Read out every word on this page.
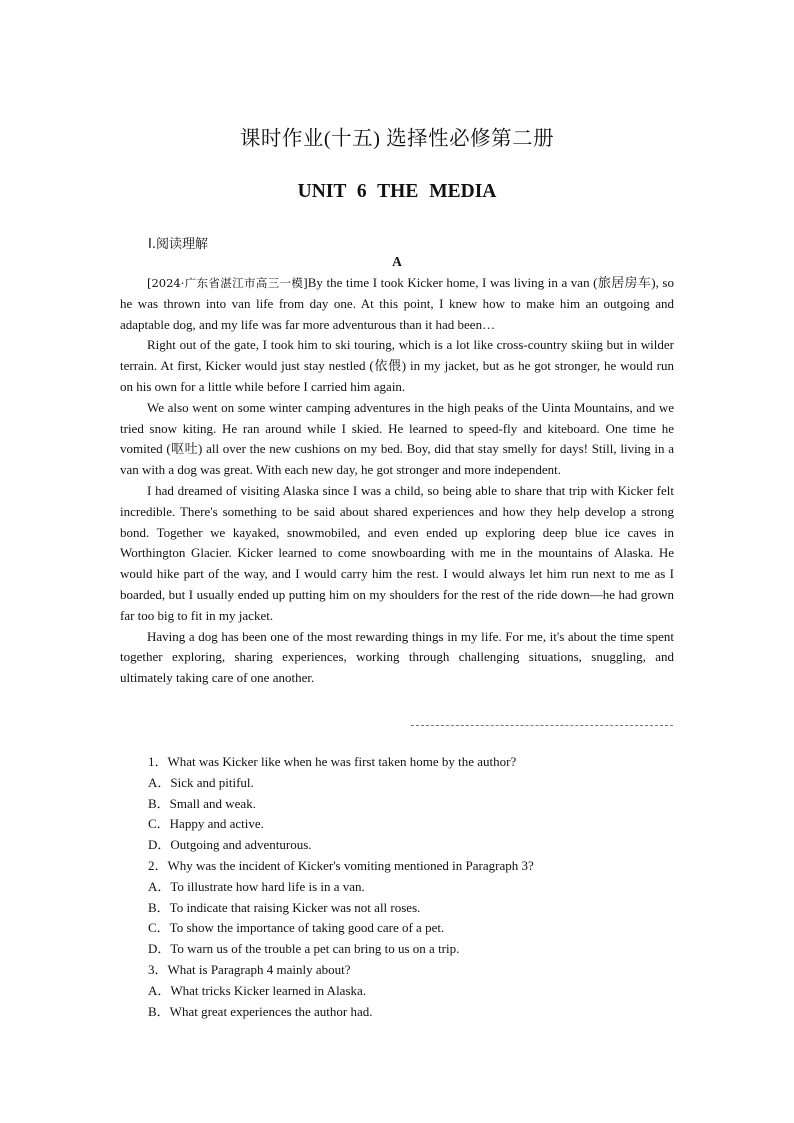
课时作业(十五) 选择性必修第二册
UNIT 6 THE MEDIA
Ⅰ.阅读理解
A

[2024·广东省湛江市高三一模]By the time I took Kicker home, I was living in a van (旅居房车), so he was thrown into van life from day one. At this point, I knew how to make him an outgoing and adaptable dog, and my life was far more adventurous than it had been…

Right out of the gate, I took him to ski touring, which is a lot like cross-country skiing but in wilder terrain. At first, Kicker would just stay nestled (依偎) in my jacket, but as he got stronger, he would run on his own for a little while before I carried him again.

We also went on some winter camping adventures in the high peaks of the Uinta Mountains, and we tried snow kiting. He ran around while I skied. He learned to speed-fly and kiteboard. One time he vomited (呕吐) all over the new cushions on my bed. Boy, did that stay smelly for days! Still, living in a van with a dog was great. With each new day, he got stronger and more independent.

I had dreamed of visiting Alaska since I was a child, so being able to share that trip with Kicker felt incredible. There's something to be said about shared experiences and how they help develop a strong bond. Together we kayaked, snowmobiled, and even ended up exploring deep blue ice caves in Worthington Glacier. Kicker learned to come snowboarding with me in the mountains of Alaska. He would hike part of the way, and I would carry him the rest. I would always let him run next to me as I boarded, but I usually ended up putting him on my shoulders for the rest of the ride down—he had grown far too big to fit in my jacket.

Having a dog has been one of the most rewarding things in my life. For me, it's about the time spent together exploring, sharing experiences, working through challenging situations, snuggling, and ultimately taking care of one another.

1．What was Kicker like when he was first taken home by the author?

A．Sick and pitiful.

B．Small and weak.

C．Happy and active.

D．Outgoing and adventurous.

2．Why was the incident of Kicker's vomiting mentioned in Paragraph 3?

A．To illustrate how hard life is in a van.

B．To indicate that raising Kicker was not all roses.

C．To show the importance of taking good care of a pet.

D．To warn us of the trouble a pet can bring to us on a trip.

3．What is Paragraph 4 mainly about?

A．What tricks Kicker learned in Alaska.

B．What great experiences the author had.
